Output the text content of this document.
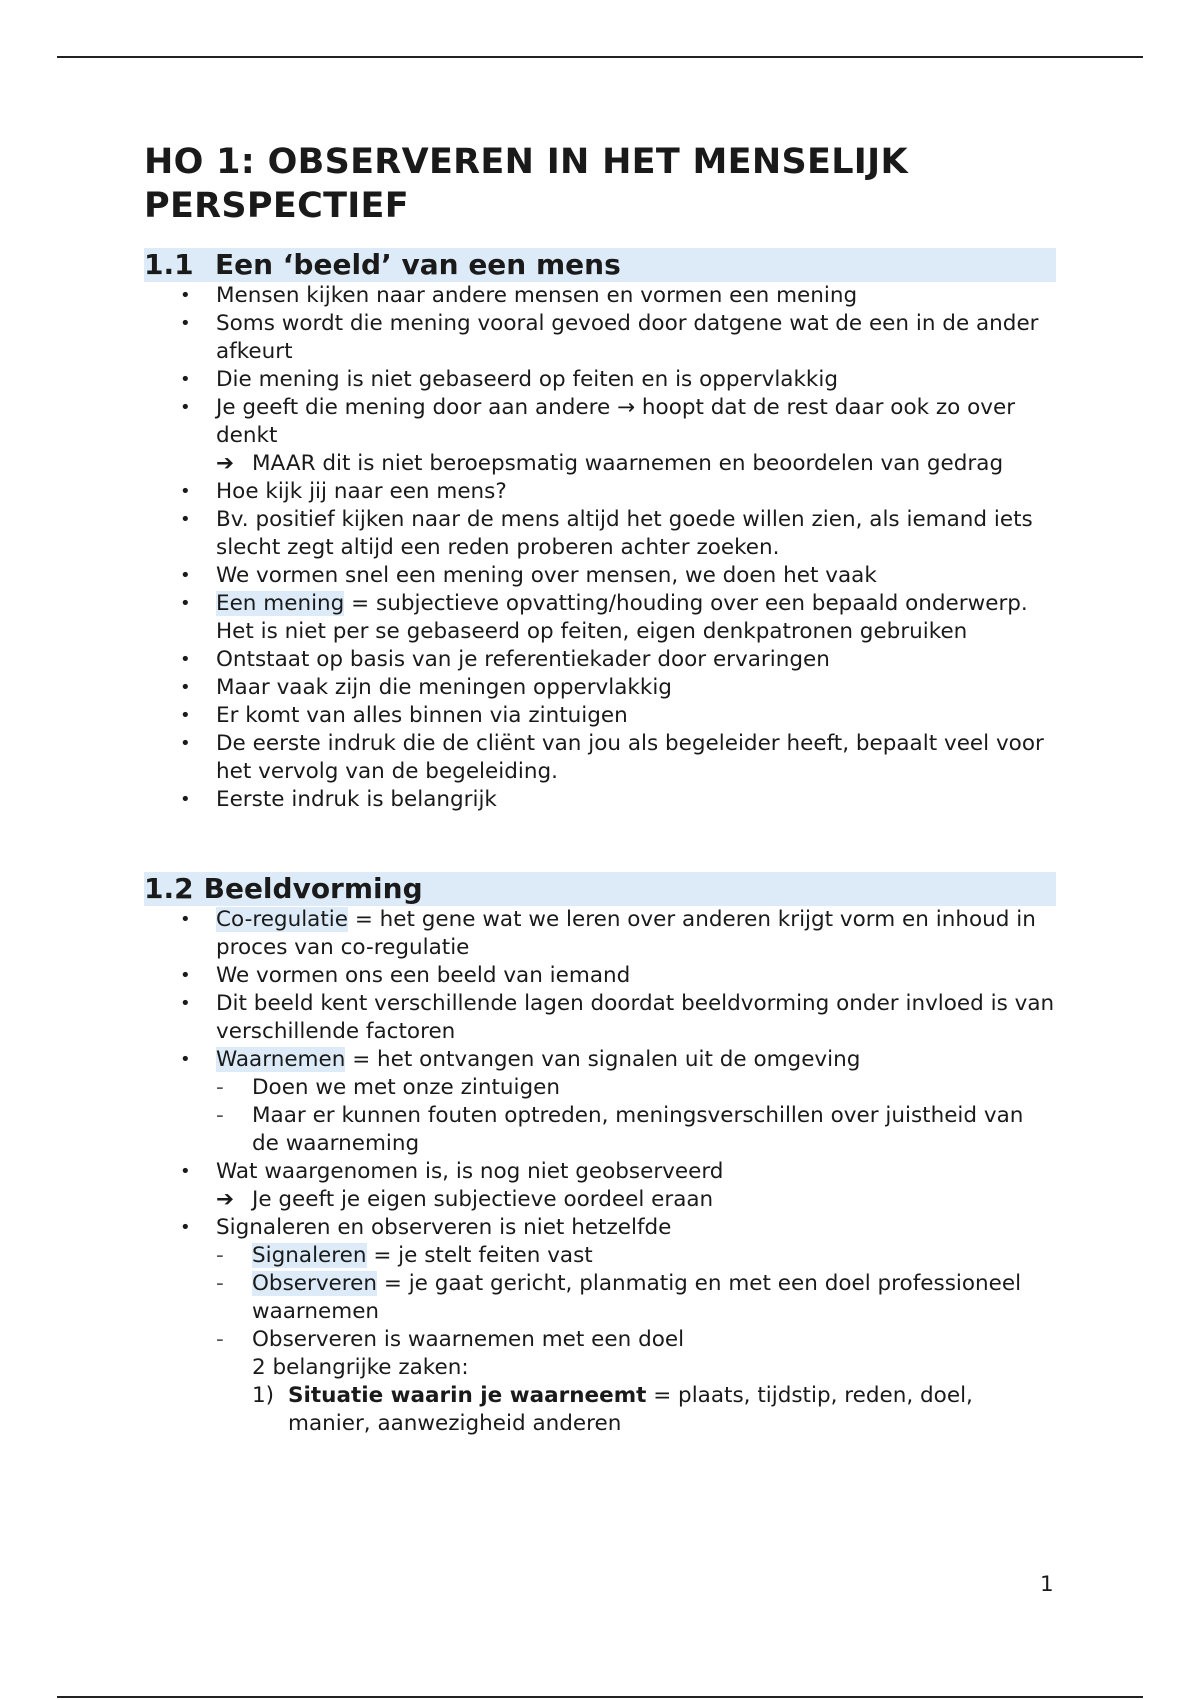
HO 1: OBSERVEREN IN HET MENSELIJK PERSPECTIEF
1.1 Een ‘beeld’ van een mens
• Mensen kijken naar andere mensen en vormen een mening
• Soms wordt die mening vooral gevoed door datgene wat de een in de ander afkeurt
• Die mening is niet gebaseerd op feiten en is oppervlakkig
• Je geeft die mening door aan andere → hoopt dat de rest daar ook zo over denkt
➔ MAAR dit is niet beroepsmatig waarnemen en beoordelen van gedrag
• Hoe kijk jij naar een mens?
• Bv. positief kijken naar de mens altijd het goede willen zien, als iemand iets slecht zegt altijd een reden proberen achter zoeken.
• We vormen snel een mening over mensen, we doen het vaak
• Een mening = subjectieve opvatting/houding over een bepaald onderwerp. Het is niet per se gebaseerd op feiten, eigen denkpatronen gebruiken
• Ontstaat op basis van je referentiekader door ervaringen
• Maar vaak zijn die meningen oppervlakkig
• Er komt van alles binnen via zintuigen
• De eerste indruk die de cliënt van jou als begeleider heeft, bepaalt veel voor het vervolg van de begeleiding.
• Eerste indruk is belangrijk
1.2 Beeldvorming
• Co-regulatie = het gene wat we leren over anderen krijgt vorm en inhoud in proces van co-regulatie
• We vormen ons een beeld van iemand
• Dit beeld kent verschillende lagen doordat beeldvorming onder invloed is van verschillende factoren
• Waarnemen = het ontvangen van signalen uit de omgeving
- Doen we met onze zintuigen
- Maar er kunnen fouten optreden, meningsverschillen over juistheid van de waarneming
• Wat waargenomen is, is nog niet geobserveerd
➔ Je geeft je eigen subjectieve oordeel eraan
• Signaleren en observeren is niet hetzelfde
- Signaleren = je stelt feiten vast
- Observeren = je gaat gericht, planmatig en met een doel professioneel waarnemen
- Observeren is waarnemen met een doel
2 belangrijke zaken:
1) Situatie waarin je waarneemt = plaats, tijdstip, reden, doel, manier, aanwezigheid anderen
1
